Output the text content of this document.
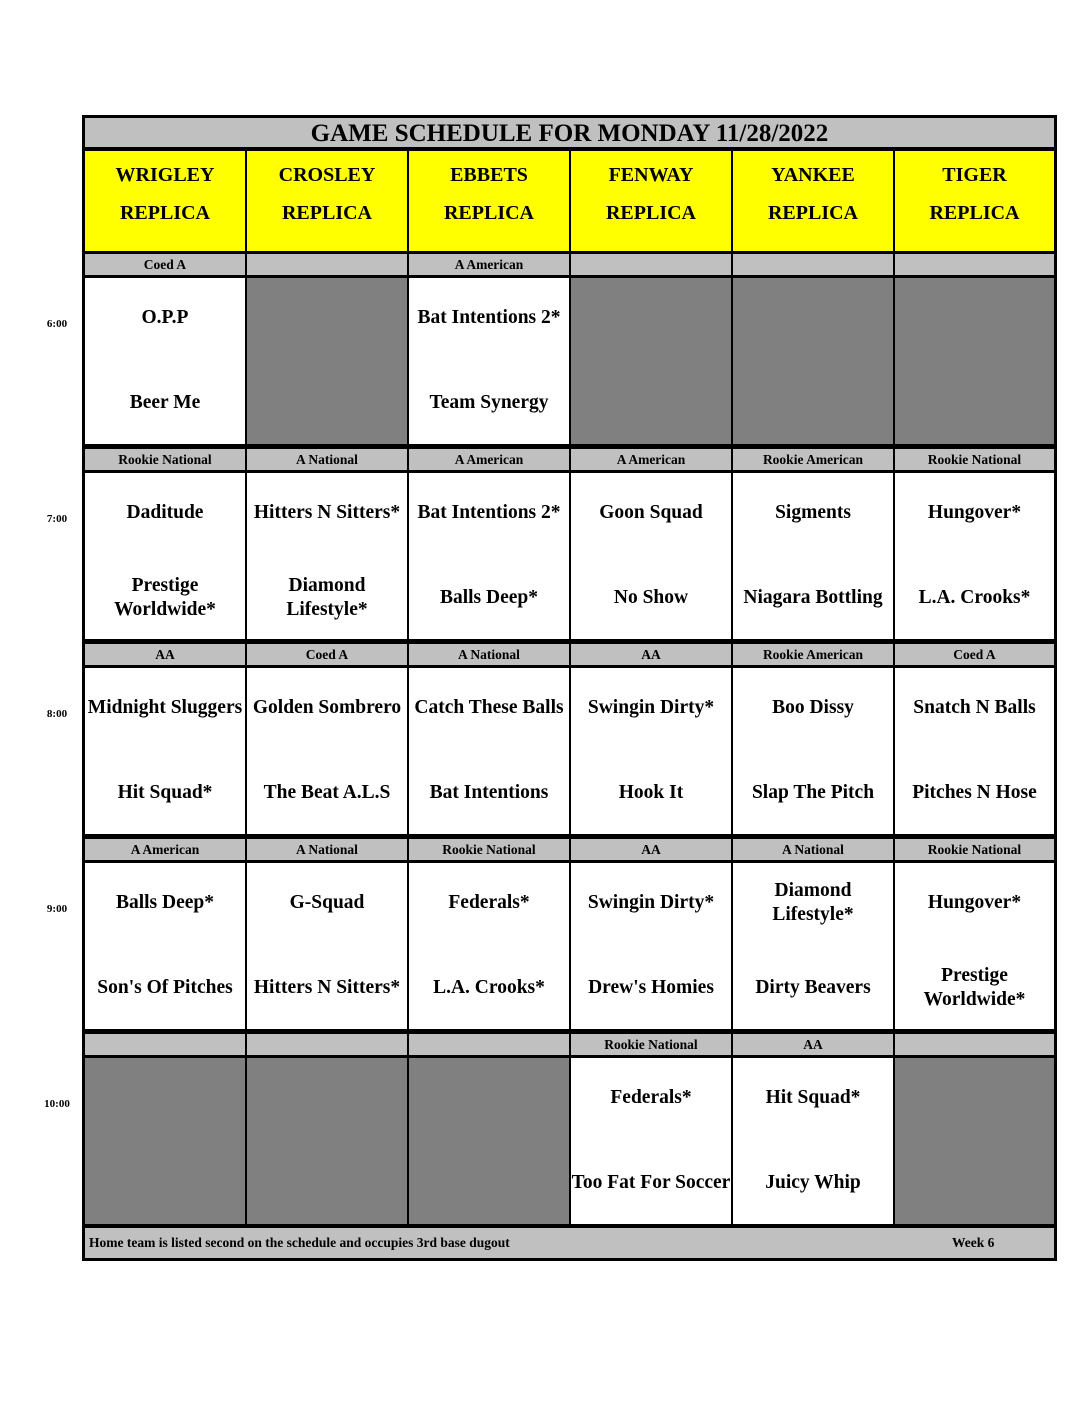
GAME SCHEDULE FOR MONDAY 11/28/2022
WRIGLEY
REPLICA
CROSLEY
REPLICA
EBBETS
REPLICA
FENWAY
REPLICA
YANKEE
REPLICA
TIGER
REPLICA
Coed A
O.P.P
Beer Me
A American
Bat Intentions 2*
Team Synergy
Rookie National
Daditude
Prestige Worldwide*
A National
Hitters N Sitters*
Diamond Lifestyle*
A American
Bat Intentions 2*
Balls Deep*
A American
Goon Squad
No Show
Rookie American
Sigments
Niagara Bottling
Rookie National
Hungover*
L.A. Crooks*
AA
Midnight Sluggers
Hit Squad*
Coed A
Golden Sombrero
The Beat A.L.S
A National
Catch These Balls
Bat Intentions
AA
Swingin Dirty*
Hook It
Rookie American
Boo Dissy
Slap The Pitch
Coed A
Snatch N Balls
Pitches N Hose
A American
Balls Deep*
Son's Of Pitches
A National
G-Squad
Hitters N Sitters*
Rookie National
Federals*
L.A. Crooks*
AA
Swingin Dirty*
Drew's Homies
A National
Diamond Lifestyle*
Dirty Beavers
Rookie National
Hungover*
Prestige Worldwide*
Rookie National
Federals*
Too Fat For Soccer
AA
Hit Squad*
Juicy Whip
Home team is listed second on the schedule and occupies 3rd base dugout	Week 6
6:00
7:00
8:00
9:00
10:00
